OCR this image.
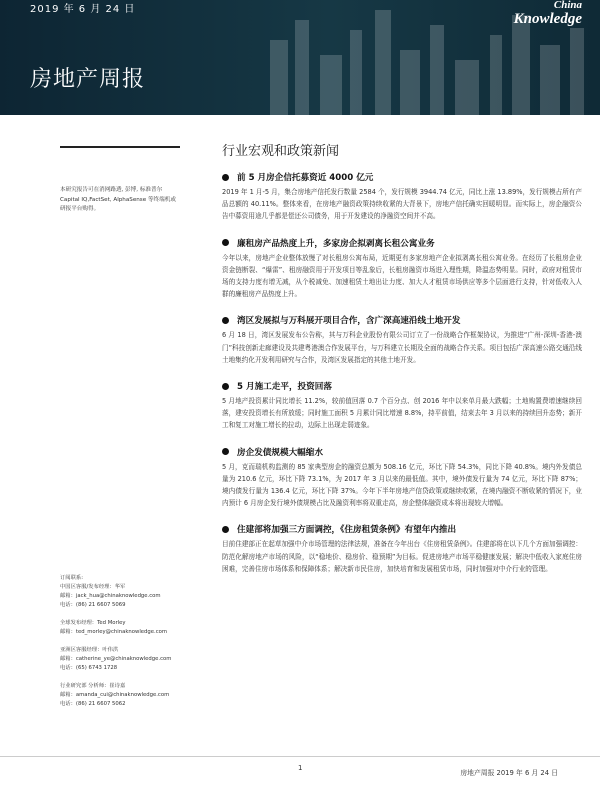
2019 年 6 月 24 日	China
Knowledge
房地产周报
本研究报告可在消网路透, 彭博, 标准普尔 Capital IQ,FactSet, AlphaSense 等终端机或研报平台购得。
订阅联系:
中国区客服/发布经理：华军
邮箱：jack_hua@chinaknowledge.com
电话：(86) 21 6607 5069
全球发布经理：Ted Morley
邮箱：ted_morley@chinaknowledge.com
亚洲区客服经理：叶伟洪
邮箱：catherine_ye@chinaknowledge.com
电话：(65) 6743 1728
行业研究部 分析师：崔诗嘉
邮箱：amanda_cui@chinaknowledge.com
电话：(86) 21 6607 5062
行业宏观和政策新闻
前 5 月房企信托募资近 4000 亿元
2019 年 1 月-5 月，集合房地产信托发行数量 2584 个，发行规模 3944.74 亿元，同比上涨 13.89%，发行规模占所有产品总额的 40.11%。整体来看，在房地产融资政策持续收紧的大背景下，房地产信托确实回暖明显。而实际上，房企融资公告中募资用途几乎都是偿还公司债务，用于开发建设的净融资空间并不高。
廉租房产品热度上升，多家房企拟剥离长租公寓业务
今年以来，房地产企业整体放慢了对长租房公寓布局，近期更有多家房地产企业拟剥离长租公寓业务。在经历了长租房企业资金链断裂、“爆雷”、租房融资用于开发项目等乱象后，长租房融资市场进入理性期，降温态势明显。同时，政府对租赁市场的支持力度有增无减，从个税减免、加速租赁土地出让力度、加大人才租赁市场供应等多个层面进行支持，针对低收入人群的廉租房产品热度上升。
湾区发展拟与万科展开项目合作，含广深高速沿线土地开发
6 月 18 日，湾区发展发布公告称，其与万科企业股份有限公司订立了一份战略合作框架协议，为推进“广州-深圳-香港-澳门”科技创新走廊建设及共建粤港澳合作发展平台，与万科建立长期及全面的战略合作关系。项目包括广深高速公路交通沿线土地集约化开发利用研究与合作，及湾区发展指定的其他土地开发。
5 月施工走平，投资回落
5 月地产投资累计同比增长 11.2%，较前值回落 0.7 个百分点、创 2016 年中以来单月最大跌幅；土地购置费增速继续回落，建安投资增长有所放缓；同时施工面积 5 月累计同比增速 8.8%，持平前值，结束去年 3 月以来的持续回升态势；新开工和复工对施工增长的拉动，边际上出现走弱迹象。
房企发债规模大幅缩水
5 月，克而瑞机构监测的 85 家典型房企的融资总额为 508.16 亿元，环比下降 54.3%，同比下降 40.8%。境内外发债总量为 210.6 亿元，环比下降 73.1%，为 2017 年 3 月以来的最低值。其中，境外债发行量为 74 亿元，环比下降 87%；境内债发行量为 136.4 亿元，环比下降 37%。今年下半年房地产信贷政策或继续收紧，在境内融资不断收紧的情况下，业内预计 6 月房企发行境外债规模占比及融资利率将双重走高，房企整体融资成本将出现较大增幅。
住建部将加强三方面调控，《住房租赁条例》有望年内推出
目前住建部正在起草加强中介市场管理的法律法规，准备在今年出台《住房租赁条例》。住建部将在以下几个方面加强调控：防范化解房地产市场的风险，以“稳地价、稳房价、稳预期”为目标。促进房地产市场平稳健康发展；解决中低收入家庭住房困难，完善住房市场体系和保障体系；解决新市民住房，加快培育和发展租赁市场，同时加强对中介行业的管理。
1
房地产周报 2019 年 6 月 24 日
